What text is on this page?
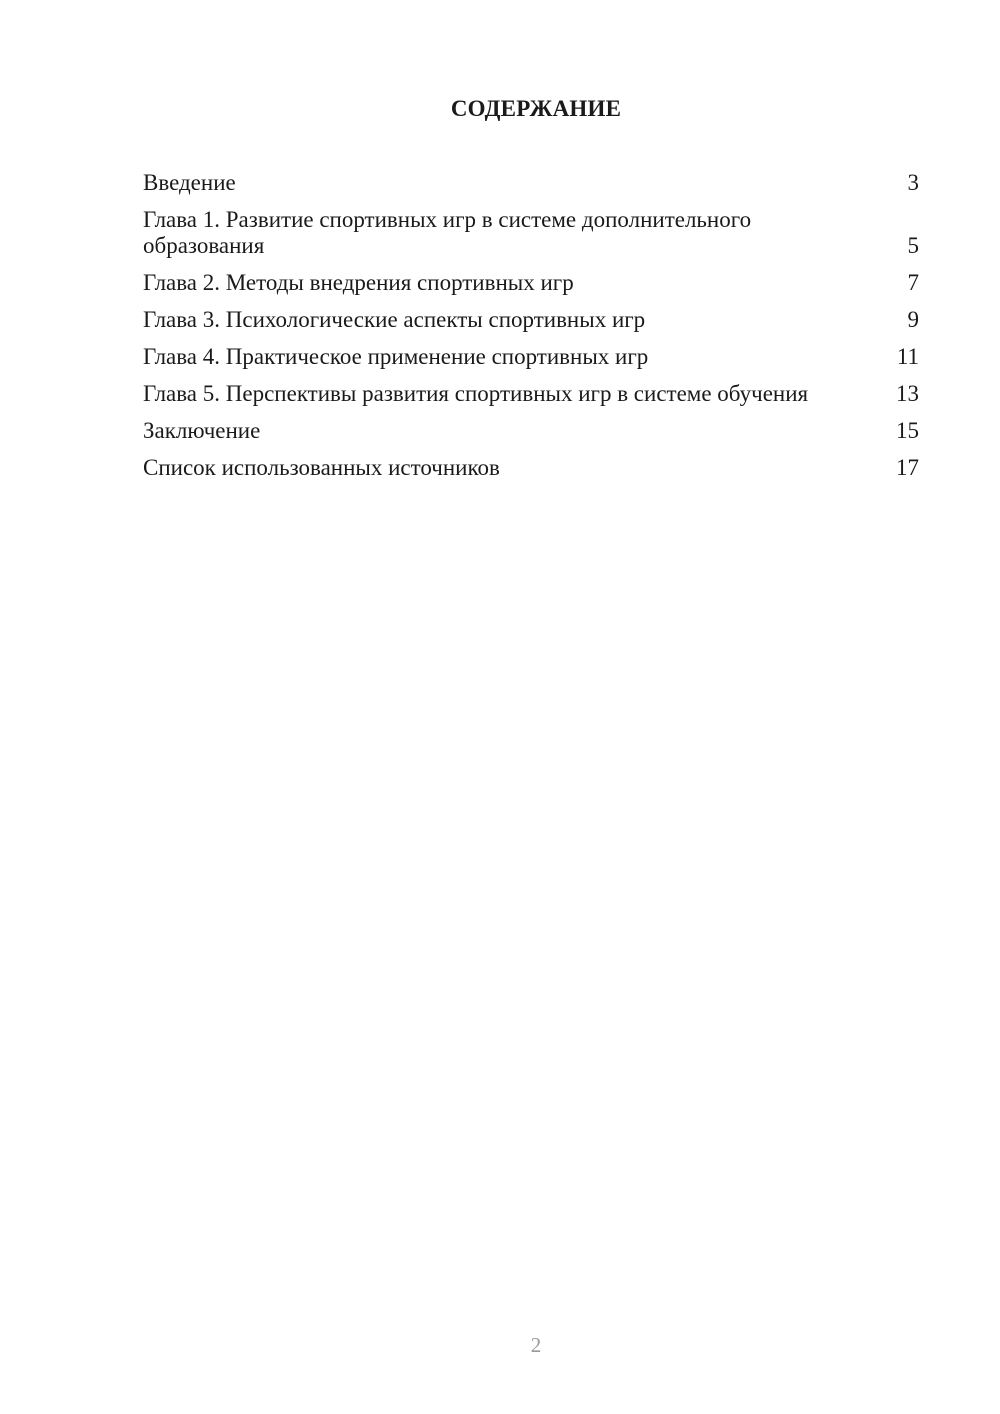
СОДЕРЖАНИЕ
Введение	3
Глава 1. Развитие спортивных игр в системе дополнительного образования	5
Глава 2. Методы внедрения спортивных игр	7
Глава 3. Психологические аспекты спортивных игр	9
Глава 4. Практическое применение спортивных игр	11
Глава 5. Перспективы развития спортивных игр в системе обучения	13
Заключение	15
Список использованных источников	17
2
